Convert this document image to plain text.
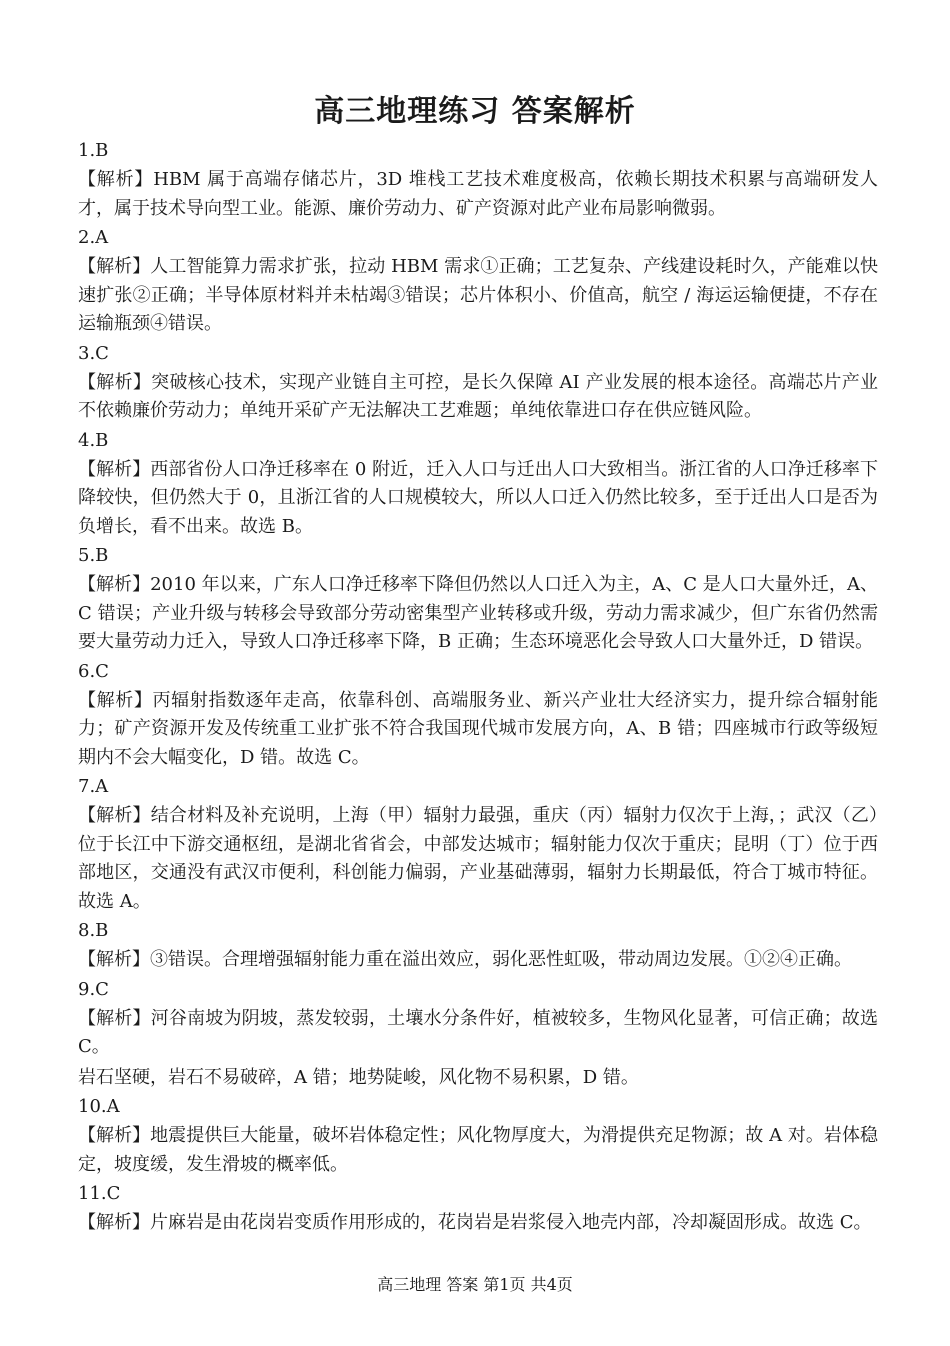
高三地理练习 答案解析
1.B
【解析】HBM 属于高端存储芯片，3D 堆栈工艺技术难度极高，依赖长期技术积累与高端研发人才，属于技术导向型工业。能源、廉价劳动力、矿产资源对此产业布局影响微弱。
2.A
【解析】人工智能算力需求扩张，拉动 HBM 需求①正确；工艺复杂、产线建设耗时久，产能难以快速扩张②正确；半导体原材料并未枯竭③错误；芯片体积小、价值高，航空 / 海运运输便捷，不存在运输瓶颈④错误。
3.C
【解析】突破核心技术，实现产业链自主可控，是长久保障 AI 产业发展的根本途径。高端芯片产业不依赖廉价劳动力；单纯开采矿产无法解决工艺难题；单纯依靠进口存在供应链风险。
4.B
【解析】西部省份人口净迁移率在 0 附近，迁入人口与迁出人口大致相当。浙江省的人口净迁移率下降较快，但仍然大于 0，且浙江省的人口规模较大，所以人口迁入仍然比较多，至于迁出人口是否为负增长，看不出来。故选 B。
5.B
【解析】2010 年以来，广东人口净迁移率下降但仍然以人口迁入为主，A、C 是人口大量外迁，A、C 错误；产业升级与转移会导致部分劳动密集型产业转移或升级，劳动力需求减少，但广东省仍然需要大量劳动力迁入，导致人口净迁移率下降，B 正确；生态环境恶化会导致人口大量外迁，D 错误。
6.C
【解析】丙辐射指数逐年走高，依靠科创、高端服务业、新兴产业壮大经济实力，提升综合辐射能力；矿产资源开发及传统重工业扩张不符合我国现代城市发展方向，A、B 错；四座城市行政等级短期内不会大幅变化，D 错。故选 C。
7.A
【解析】结合材料及补充说明，上海（甲）辐射力最强，重庆（丙）辐射力仅次于上海，；武汉（乙）位于长江中下游交通枢纽，是湖北省省会，中部发达城市；辐射能力仅次于重庆；昆明（丁）位于西部地区，交通没有武汉市便利，科创能力偏弱，产业基础薄弱，辐射力长期最低，符合丁城市特征。故选 A。
8.B
【解析】③错误。合理增强辐射能力重在溢出效应，弱化恶性虹吸，带动周边发展。①②④正确。
9.C
【解析】河谷南坡为阴坡，蒸发较弱，土壤水分条件好，植被较多，生物风化显著，可信正确；故选 C。
岩石坚硬，岩石不易破碎，A 错；地势陡峻，风化物不易积累，D 错。
10.A
【解析】地震提供巨大能量，破坏岩体稳定性；风化物厚度大，为滑提供充足物源；故 A 对。岩体稳定，坡度缓，发生滑坡的概率低。
11.C
【解析】片麻岩是由花岗岩变质作用形成的，花岗岩是岩浆侵入地壳内部，冷却凝固形成。故选 C。
高三地理 答案 第1页 共4页
